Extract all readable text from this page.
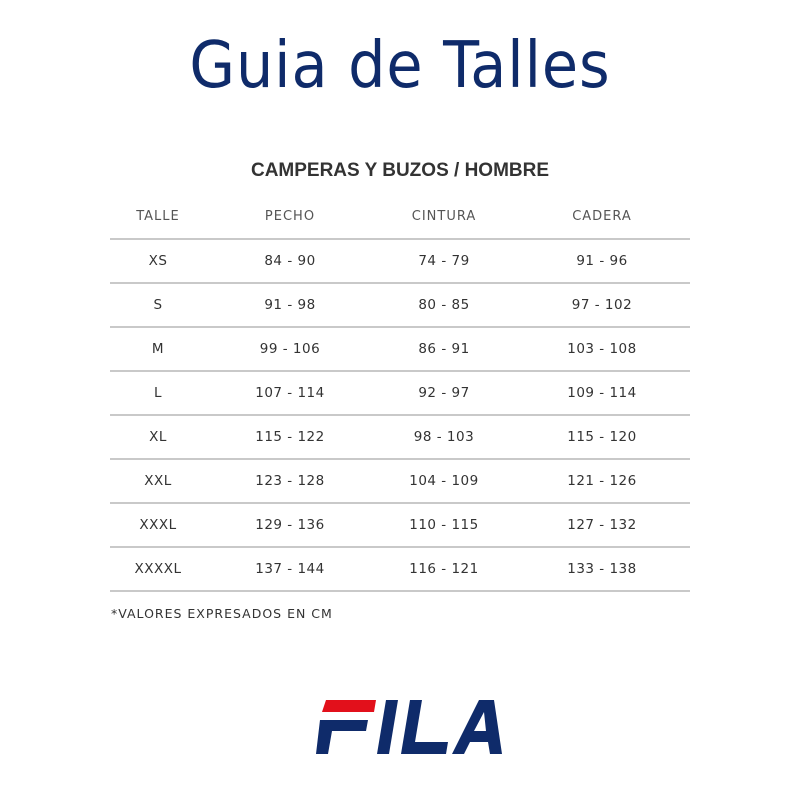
Guia de Talles
CAMPERAS Y BUZOS / HOMBRE
TALLE	PECHO	CINTURA	CADERA
XS	84 - 90	74 - 79	91 - 96
S	91 - 98	80 - 85	97 - 102
M	99 - 106	86 - 91	103 - 108
L	107 - 114	92 - 97	109 - 114
XL	115 - 122	98 - 103	115 - 120
XXL	123 - 128	104 - 109	121 - 126
XXXL	129 - 136	110 - 115	127 - 132
XXXXL	137 - 144	116 - 121	133 - 138
*VALORES EXPRESADOS EN CM
